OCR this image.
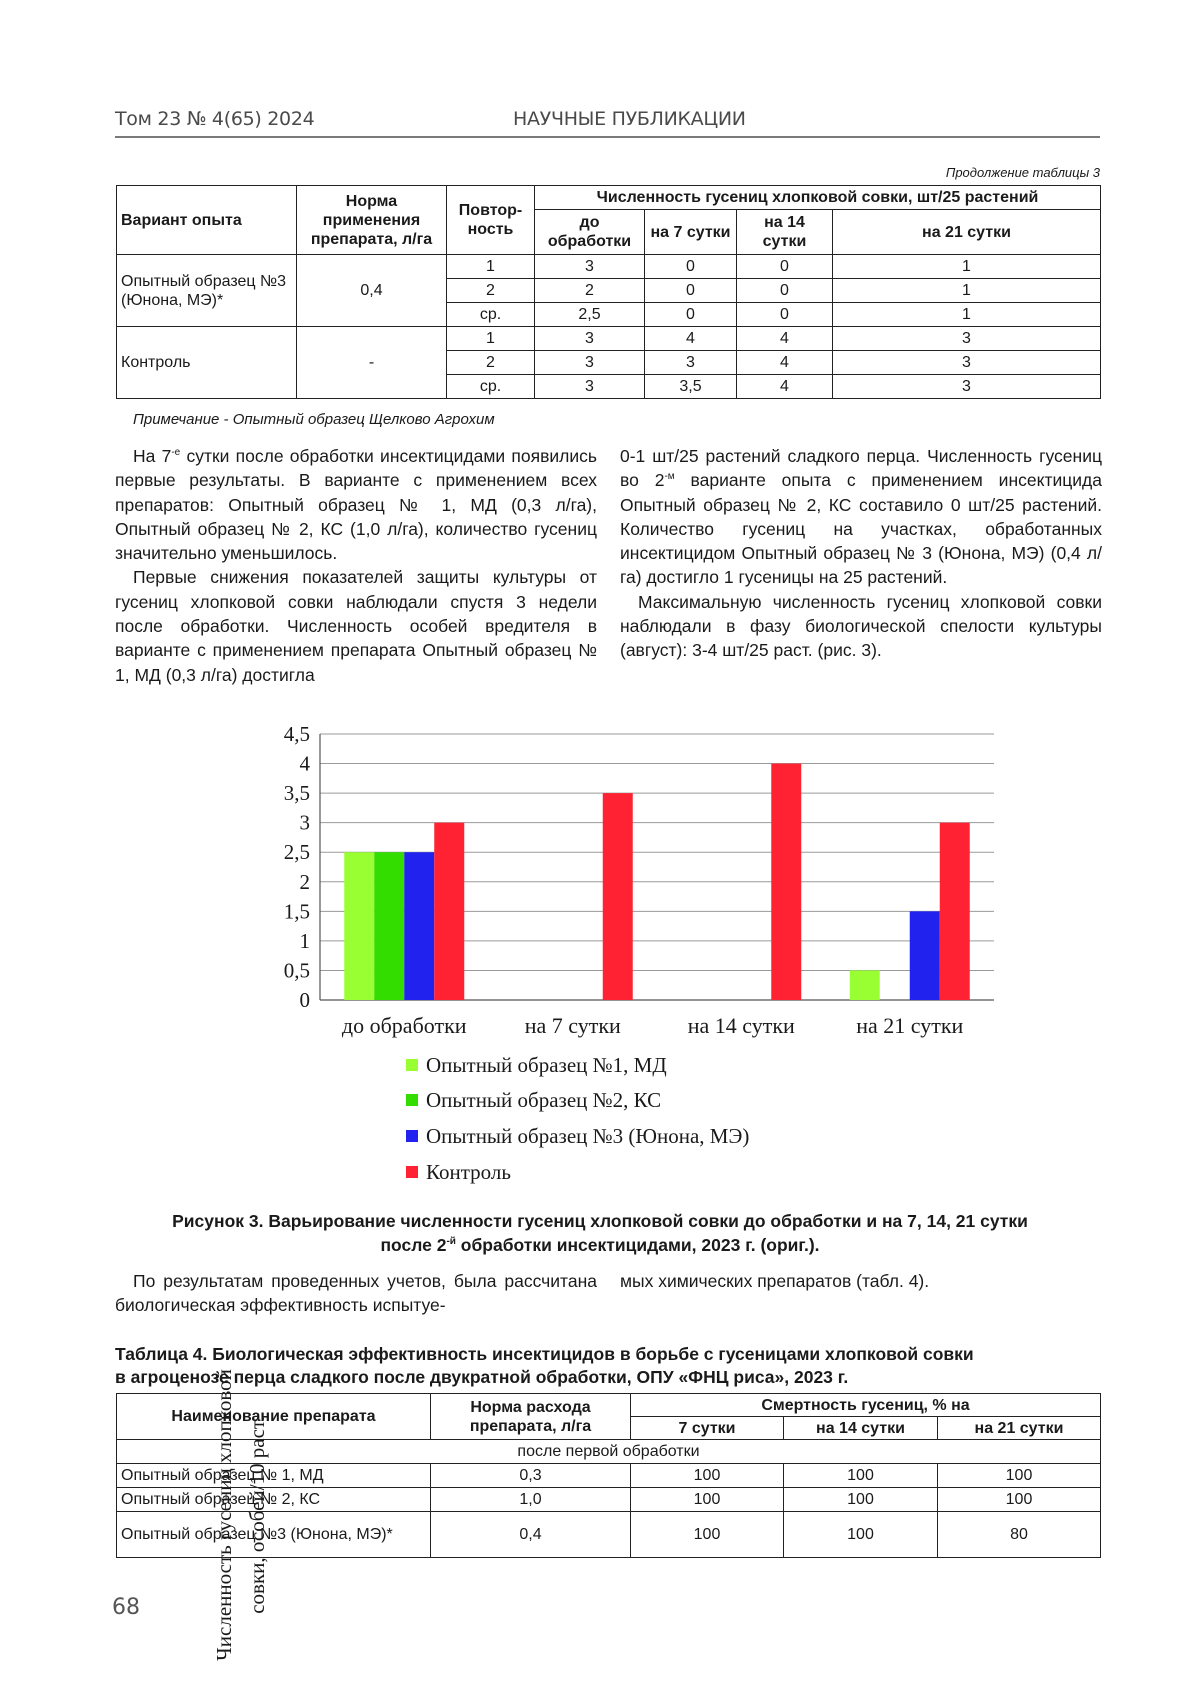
Том 23 № 4(65) 2024	НАУЧНЫЕ ПУБЛИКАЦИИ
Продолжение таблицы 3
Вариант опыта	Норма применения препарата, л/га	Повтор-ность	Численность гусениц хлопковой совки, шт/25 растений			
			до обработки	на 7 сутки	на 14 сутки	на 21 сутки
Опытный образец №3 (Юнона, МЭ)*	0,4	1	3	0	0	1
		2	2	0	0	1
		ср.	2,5	0	0	1
Контроль	-	1	3	4	4	3
		2	3	3	4	3
		ср.	3	3,5	4	3
Примечание - Опытный образец Щелково Агрохим

На $7^{-е}$ сутки после обработки инсектицидами появились первые результаты. В варианте с применением всех препаратов: Опытный образец № 1, МД (0,3 л/га), Опытный образец № 2, КС (1,0 л/га), количество гусениц значительно уменьшилось.

Первые снижения показателей защиты культуры от гусениц хлопковой совки наблюдали спустя 3 недели после обработки. Численность особей вредителя в варианте с применением препарата Опытный образец № 1, МД (0,3 л/га) достигла

0-1 шт/25 растений сладкого перца. Численность гусениц во $2^{-м}$ варианте опыта с применением инсектицида Опытный образец № 2, КС составило 0 шт/25 растений. Количество гусениц на участках, обработанных инсектицидом Опытный образец № 3 (Юнона, МЭ) (0,4 л/га) достигло 1 гусеницы на 25 растений.

Максимальную численность гусениц хлопковой совки наблюдали в фазу биологической спелости культуры (август): 3-4 шт/25 раст. (рис. 3).

0
0,5
1
1,5
2
2,5
3
3,5
4
4,5
до обработки	на 7 сутки	на 14 сутки	на 21 сутки
Численность гусениц хлопковой совки, особей/10 раст.
Опытный образец №1, МД
Опытный образец №2, КС
Опытный образец №3 (Юнона, МЭ)
Контроль
Рисунок 3. Варьирование численности гусениц хлопковой совки до обработки и на 7, 14, 21 сутки
после $2^{-й}$ обработки инсектицидами, 2023 г. (ориг.).

По результатам проведенных учетов, была рассчитана биологическая эффективность испытуе-

мых химических препаратов (табл. 4).

Таблица 4. Биологическая эффективность инсектицидов в борьбе с гусеницами хлопковой совки
в агроценозе перца сладкого после двукратной обработки, ОПУ «ФНЦ риса», 2023 г.
Наименование препарата	Норма расхода препарата, л/га	Смертность гусениц, % на		
		7 сутки	на 14 сутки	на 21 сутки
после первой обработки				
Опытный образец № 1, МД	0,3	100	100	100
Опытный образец № 2, КС	1,0	100	100	100
Опытный образец №3 (Юнона, МЭ)*	0,4	100	100	80
68
